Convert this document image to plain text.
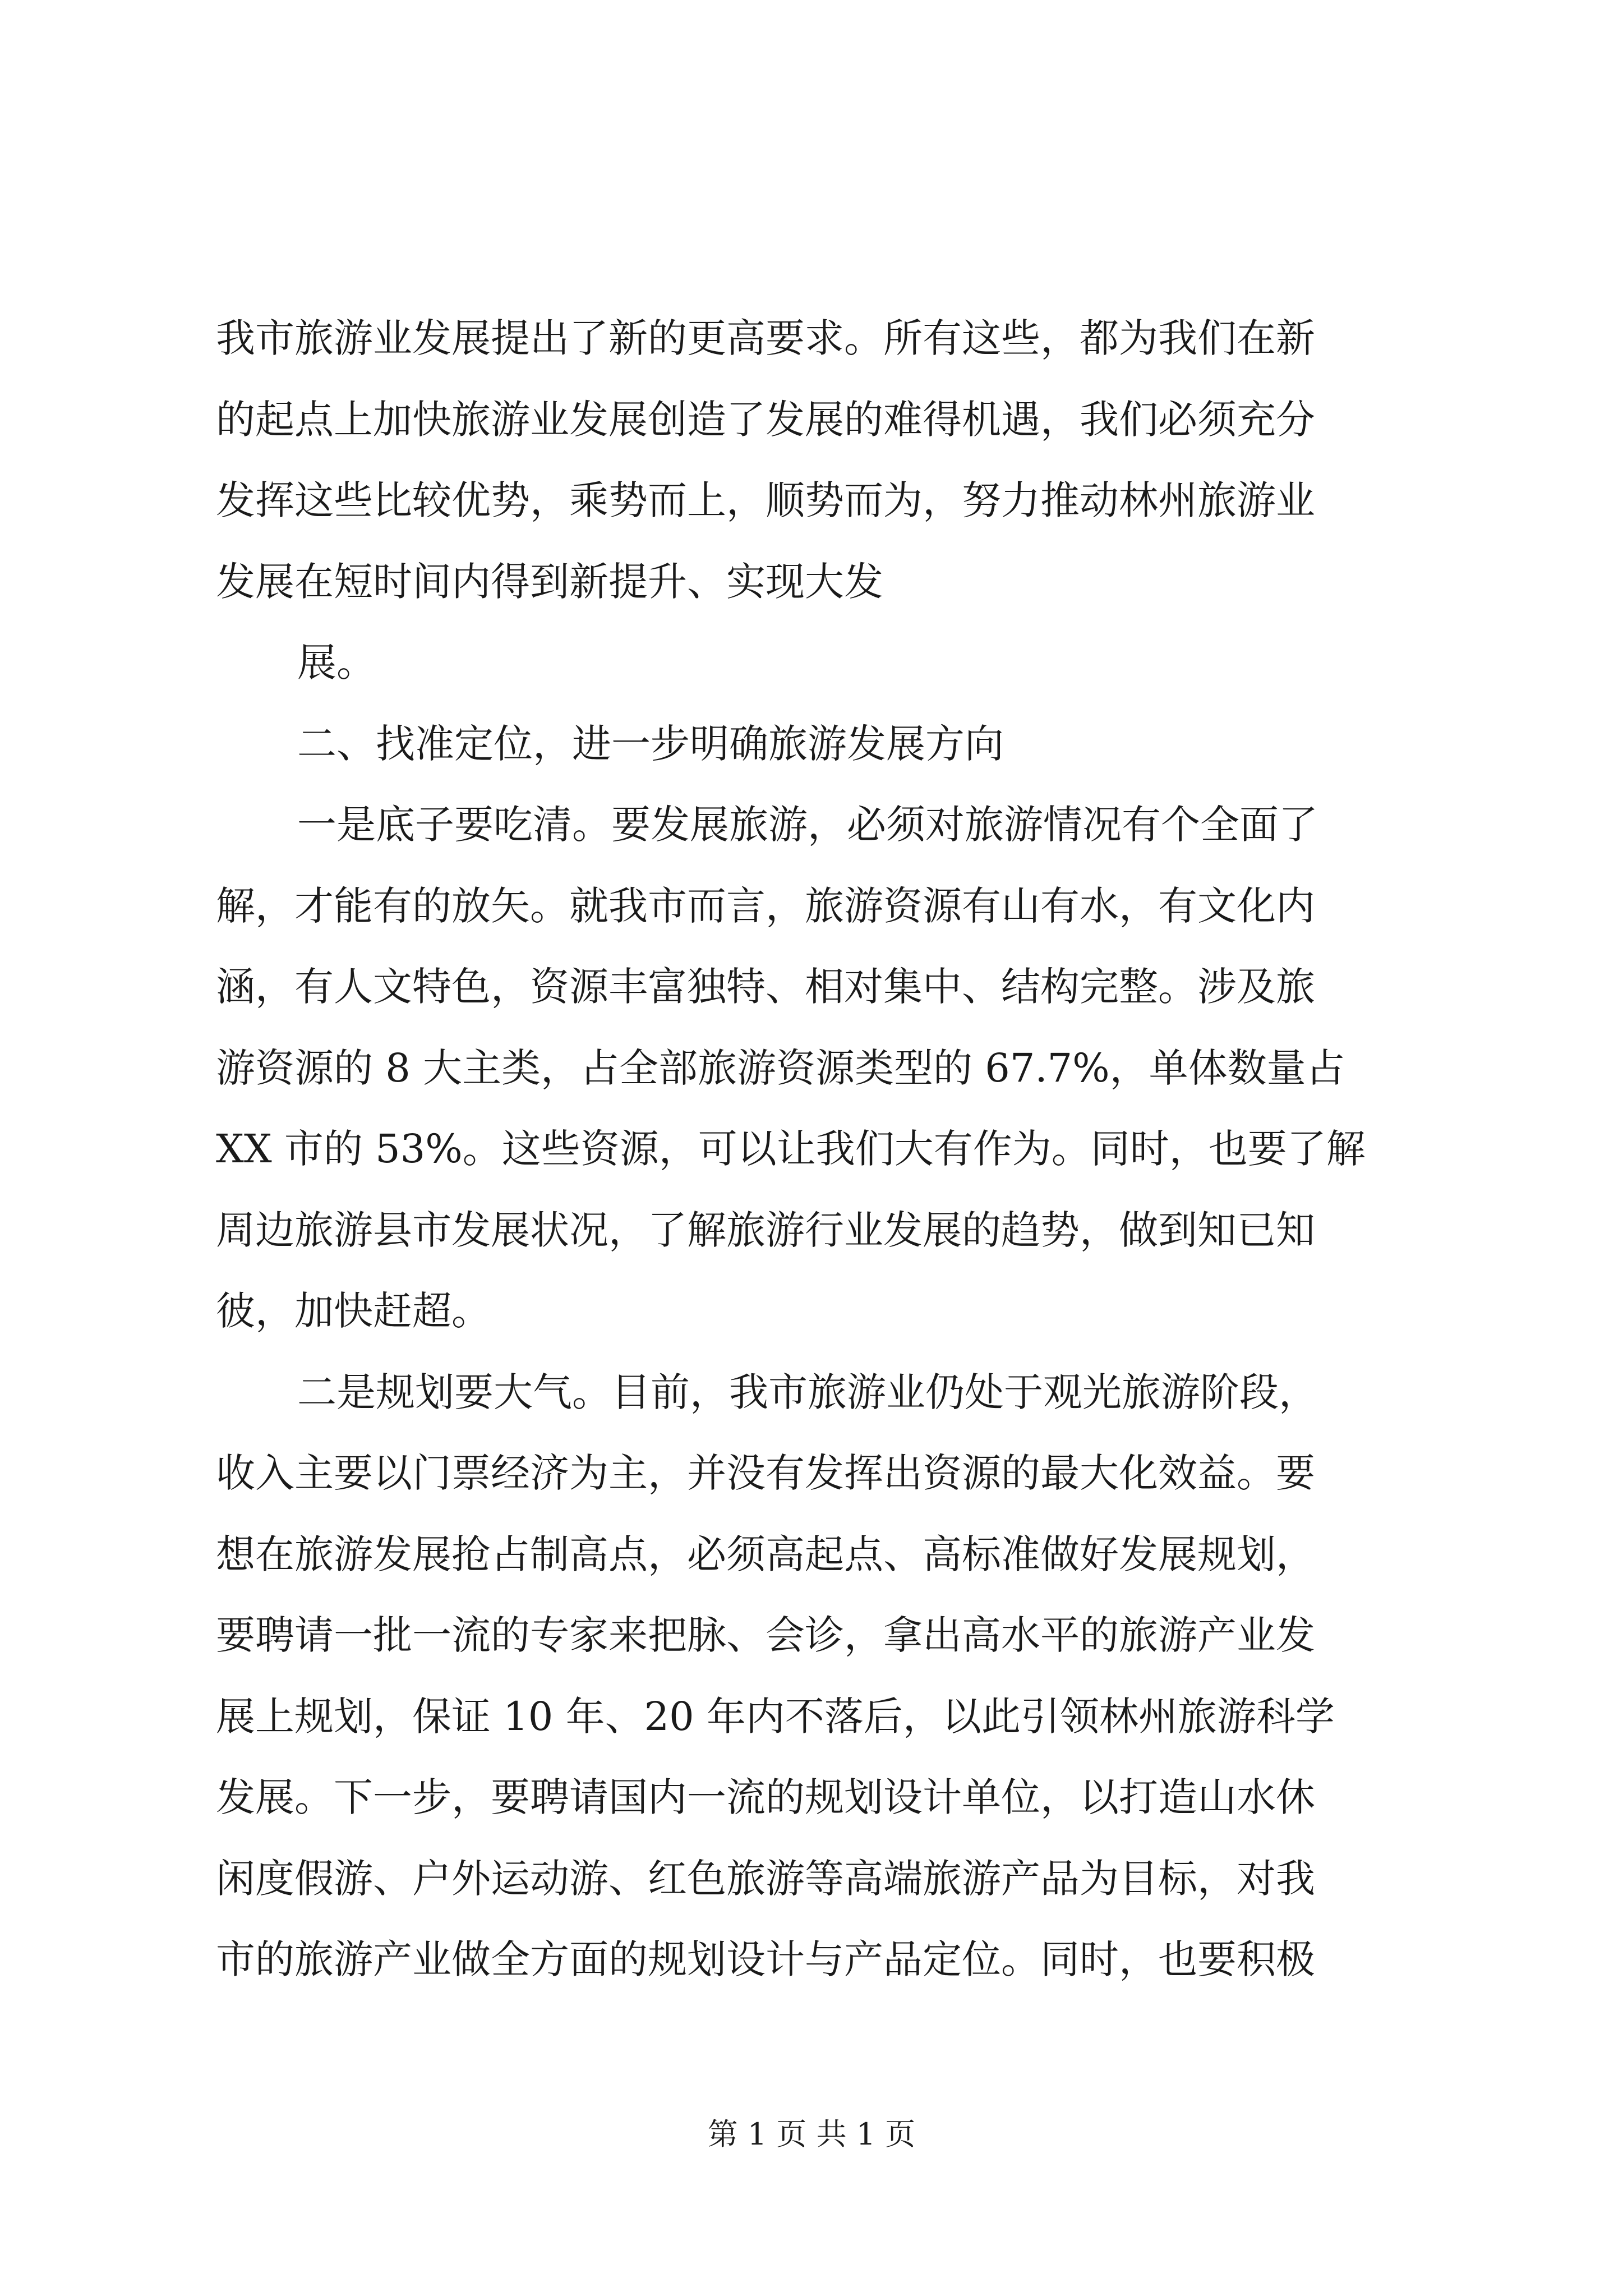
我市旅游业发展提出了新的更高要求。所有这些，都为我们在新
的起点上加快旅游业发展创造了发展的难得机遇，我们必须充分
发挥这些比较优势，乘势而上，顺势而为，努力推动林州旅游业
发展在短时间内得到新提升、实现大发
展。
二、找准定位，进一步明确旅游发展方向
一是底子要吃清。要发展旅游，必须对旅游情况有个全面了
解，才能有的放矢。就我市而言，旅游资源有山有水，有文化内
涵，有人文特色，资源丰富独特、相对集中、结构完整。涉及旅
游资源的 8 大主类，占全部旅游资源类型的 67.7%，单体数量占
XX 市的 53%。这些资源，可以让我们大有作为。同时，也要了解
周边旅游县市发展状况，了解旅游行业发展的趋势，做到知已知
彼，加快赶超。
二是规划要大气。目前，我市旅游业仍处于观光旅游阶段，
收入主要以门票经济为主，并没有发挥出资源的最大化效益。要
想在旅游发展抢占制高点，必须高起点、高标准做好发展规划，
要聘请一批一流的专家来把脉、会诊，拿出高水平的旅游产业发
展上规划，保证 10 年、20 年内不落后，以此引领林州旅游科学
发展。下一步，要聘请国内一流的规划设计单位，以打造山水休
闲度假游、户外运动游、红色旅游等高端旅游产品为目标，对我
市的旅游产业做全方面的规划设计与产品定位。同时，也要积极
第 1 页 共 1 页
